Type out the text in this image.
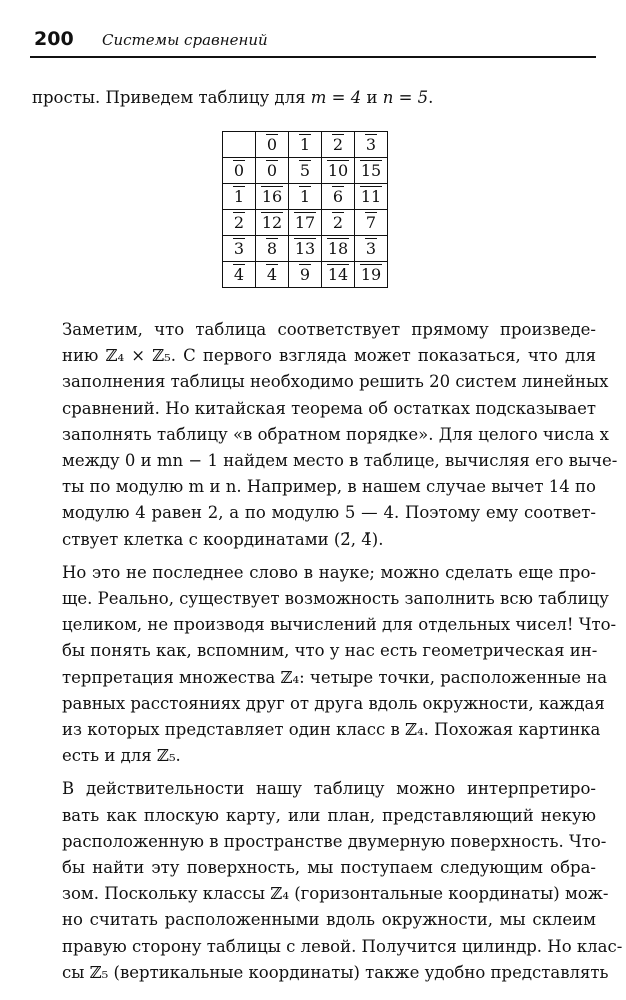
200 Системы сравнений
просты. Приведем таблицу для m = 4 и n = 5.
	0	1	2	3
0	0	5	10	15
1	16	1	6	11
2	12	17	2	7
3	8	13	18	3
4	4	9	14	19

Заметим, что таблица соответствует прямому произведе-
нию ℤ₄ × ℤ₅. С первого взгляда может показаться, что для
заполнения таблицы необходимо решить 20 систем линейных
сравнений. Но китайская теорема об остатках подсказывает
заполнять таблицу «в обратном порядке». Для целого числа x
между 0 и mn − 1 найдем место в таблице, вычисляя его выче-
ты по модулю m и n. Например, в нашем случае вычет 14 по
модулю 4 равен 2, а по модулю 5 — 4. Поэтому ему соответ-
ствует клетка с координатами (2̄, 4̄).

Но это не последнее слово в науке; можно сделать еще про-
ще. Реально, существует возможность заполнить всю таблицу
целиком, не производя вычислений для отдельных чисел! Что-
бы понять как, вспомним, что у нас есть геометрическая ин-
терпретация множества ℤ₄: четыре точки, расположенные на
равных расстояниях друг от друга вдоль окружности, каждая
из которых представляет один класс в ℤ₄. Похожая картинка
есть и для ℤ₅.

В действительности нашу таблицу можно интерпретиро-
вать как плоскую карту, или план, представляющий некую
расположенную в пространстве двумерную поверхность. Что-
бы найти эту поверхность, мы поступаем следующим обра-
зом. Поскольку классы ℤ₄ (горизонтальные координаты) мож-
но считать расположенными вдоль окружности, мы склеим
правую сторону таблицы с левой. Получится цилиндр. Но клас-
сы ℤ₅ (вертикальные координаты) также удобно представлять
